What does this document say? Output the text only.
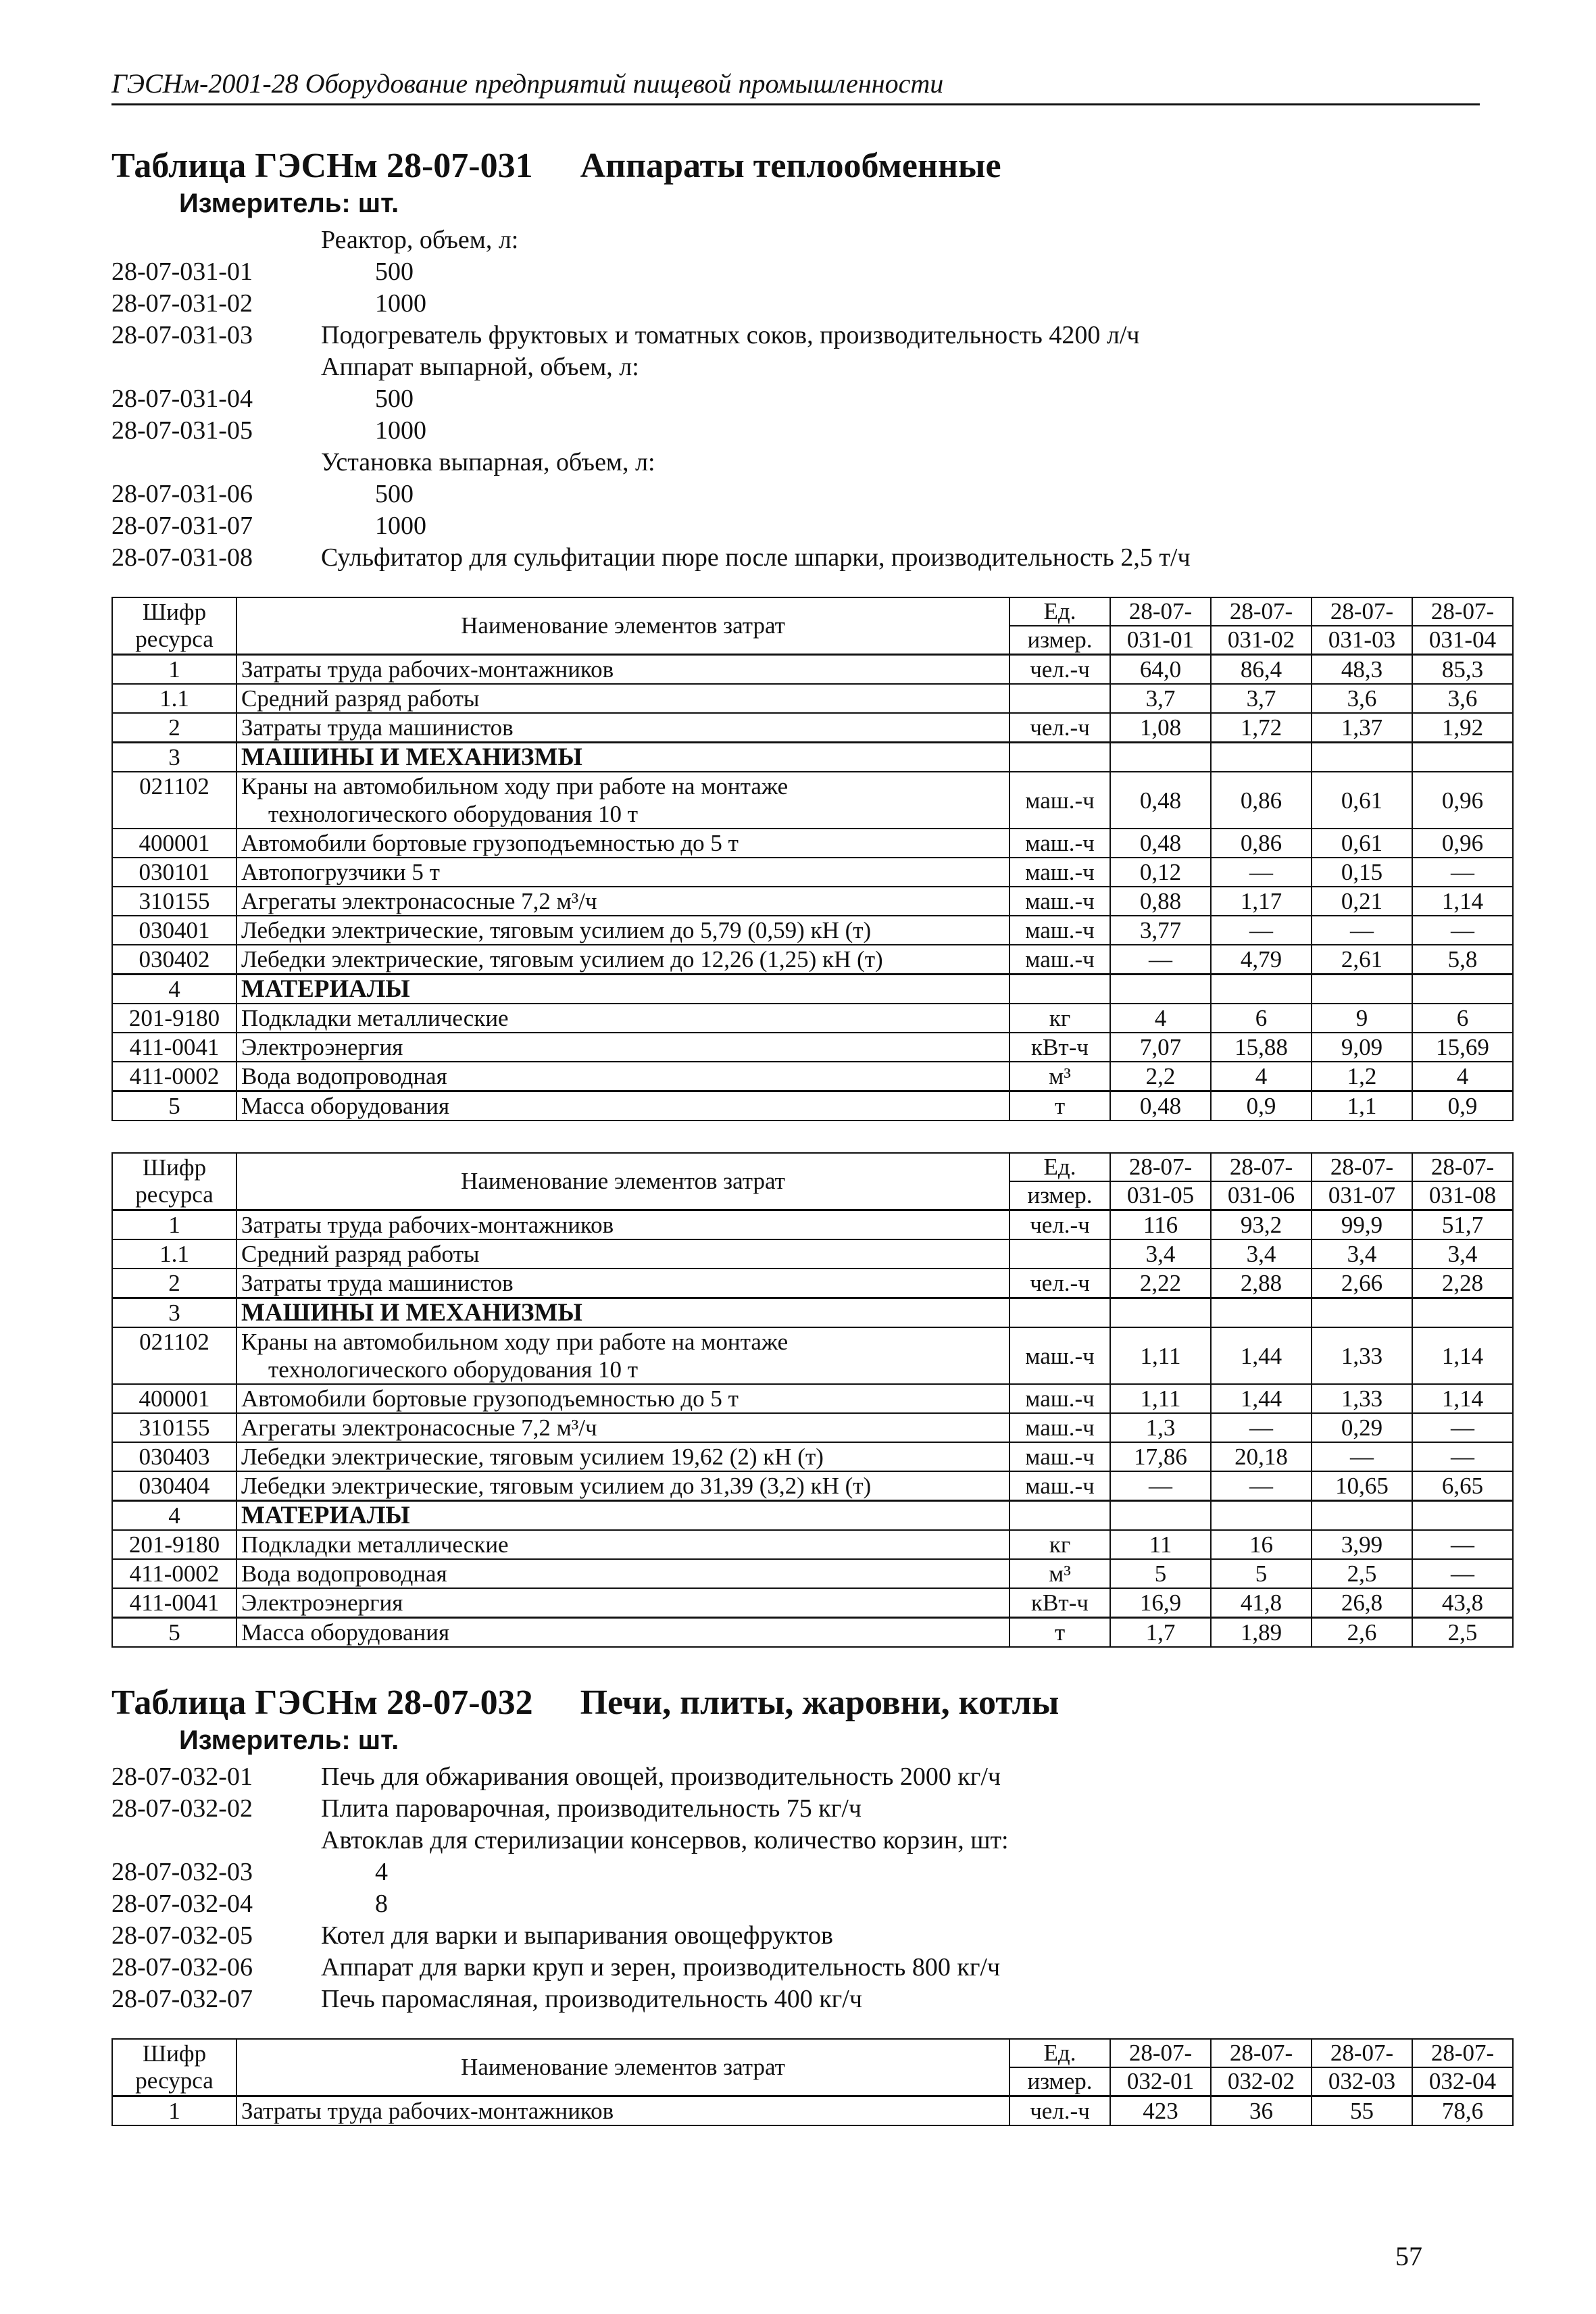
ГЭСНм-2001-28 Оборудование предприятий пищевой промышленности
Таблица ГЭСНм 28-07-031 Аппараты теплообменные
Измеритель: шт.
Реактор, объем, л:
28-07-031-01	500
28-07-031-02	1000
28-07-031-03	Подогреватель фруктовых и томатных соков, производительность 4200 л/ч
Аппарат выпарной, объем, л:
28-07-031-04	500
28-07-031-05	1000
Установка выпарная, объем, л:
28-07-031-06	500
28-07-031-07	1000
28-07-031-08	Сульфитатор для сульфитации пюре после шпарки, производительность 2,5 т/ч
Шифр
ресурса	Наименование элементов затрат	Ед.	28-07-	28-07-	28-07-	28-07-
		измер.	031-01	031-02	031-03	031-04
1	Затраты труда рабочих-монтажников	чел.-ч	64,0	86,4	48,3	85,3
1.1	Средний разряд работы		3,7	3,7	3,6	3,6
2	Затраты труда машинистов	чел.-ч	1,08	1,72	1,37	1,92
3	МАШИНЫ И МЕХАНИЗМЫ					
021102	Краны на автомобильном ходу при работе на монтаже
технологического оборудования 10 т	маш.-ч	0,48	0,86	0,61	0,96
400001	Автомобили бортовые грузоподъемностью до 5 т	маш.-ч	0,48	0,86	0,61	0,96
030101	Автопогрузчики 5 т	маш.-ч	0,12	—	0,15	—
310155	Агрегаты электронасосные 7,2 м³/ч	маш.-ч	0,88	1,17	0,21	1,14
030401	Лебедки электрические, тяговым усилием до 5,79 (0,59) кН (т)	маш.-ч	3,77	—	—	—
030402	Лебедки электрические, тяговым усилием до 12,26 (1,25) кН (т)	маш.-ч	—	4,79	2,61	5,8
4	МАТЕРИАЛЫ					
201-9180	Подкладки металлические	кг	4	6	9	6
411-0041	Электроэнергия	кВт-ч	7,07	15,88	9,09	15,69
411-0002	Вода водопроводная	м³	2,2	4	1,2	4
5	Масса оборудования	т	0,48	0,9	1,1	0,9
Шифр
ресурса	Наименование элементов затрат	Ед.	28-07-	28-07-	28-07-	28-07-
		измер.	031-05	031-06	031-07	031-08
1	Затраты труда рабочих-монтажников	чел.-ч	116	93,2	99,9	51,7
1.1	Средний разряд работы		3,4	3,4	3,4	3,4
2	Затраты труда машинистов	чел.-ч	2,22	2,88	2,66	2,28
3	МАШИНЫ И МЕХАНИЗМЫ					
021102	Краны на автомобильном ходу при работе на монтаже
технологического оборудования 10 т	маш.-ч	1,11	1,44	1,33	1,14
400001	Автомобили бортовые грузоподъемностью до 5 т	маш.-ч	1,11	1,44	1,33	1,14
310155	Агрегаты электронасосные 7,2 м³/ч	маш.-ч	1,3	—	0,29	—
030403	Лебедки электрические, тяговым усилием 19,62 (2) кН (т)	маш.-ч	17,86	20,18	—	—
030404	Лебедки электрические, тяговым усилием до 31,39 (3,2) кН (т)	маш.-ч	—	—	10,65	6,65
4	МАТЕРИАЛЫ					
201-9180	Подкладки металлические	кг	11	16	3,99	—
411-0002	Вода водопроводная	м³	5	5	2,5	—
411-0041	Электроэнергия	кВт-ч	16,9	41,8	26,8	43,8
5	Масса оборудования	т	1,7	1,89	2,6	2,5
Таблица ГЭСНм 28-07-032 Печи, плиты, жаровни, котлы
Измеритель: шт.
28-07-032-01	Печь для обжаривания овощей, производительность 2000 кг/ч
28-07-032-02	Плита пароварочная, производительность 75 кг/ч
Автоклав для стерилизации консервов, количество корзин, шт:
28-07-032-03	4
28-07-032-04	8
28-07-032-05	Котел для варки и выпаривания овощефруктов
28-07-032-06	Аппарат для варки круп и зерен, производительность 800 кг/ч
28-07-032-07	Печь паромасляная, производительность 400 кг/ч
Шифр
ресурса	Наименование элементов затрат	Ед.	28-07-	28-07-	28-07-	28-07-
		измер.	032-01	032-02	032-03	032-04
1	Затраты труда рабочих-монтажников	чел.-ч	423	36	55	78,6
57
